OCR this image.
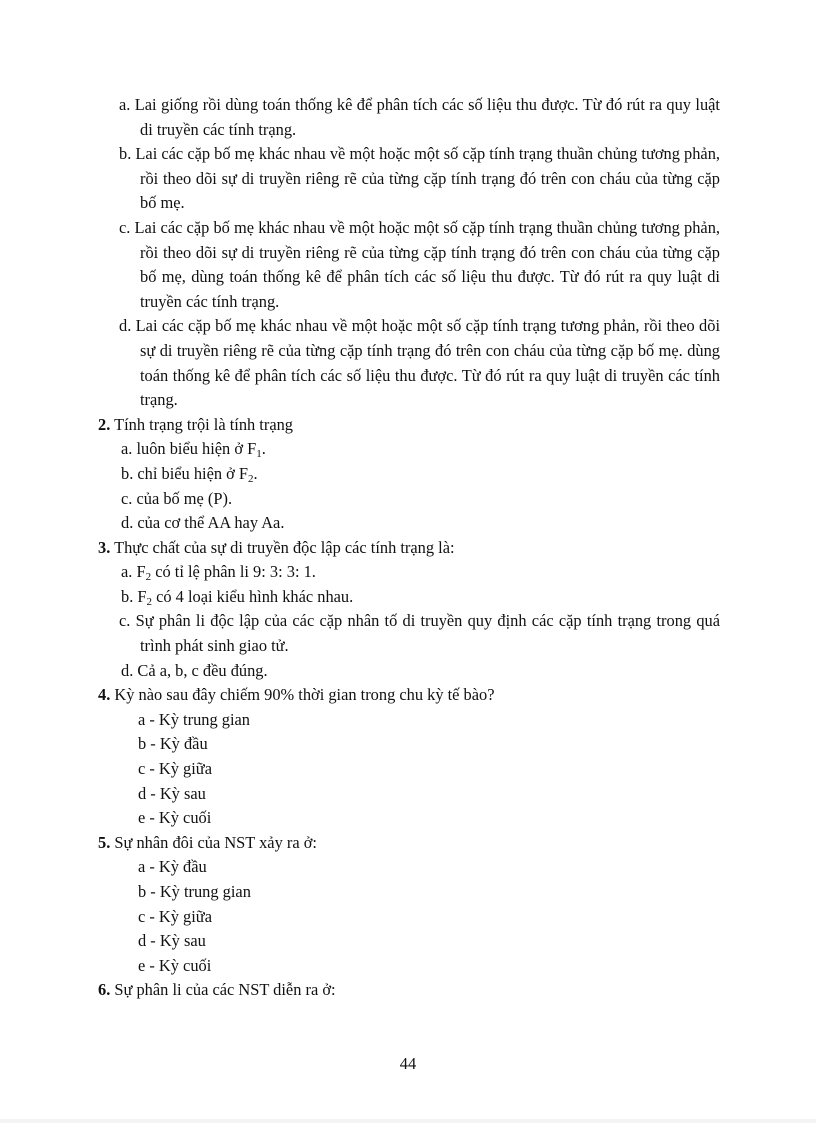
a. Lai giống rồi dùng toán thống kê để phân tích các số liệu thu được. Từ đó rút ra quy luật di truyền các tính trạng.
b. Lai các cặp bố mẹ khác nhau về một hoặc một số cặp tính trạng thuần chủng tương phản, rồi theo dõi sự di truyền riêng rẽ của từng cặp tính trạng đó trên con cháu của từng cặp bố mẹ.
c. Lai các cặp bố mẹ khác nhau về một hoặc một số cặp tính trạng thuần chủng tương phản, rồi theo dõi sự di truyền riêng rẽ của từng cặp tính trạng đó trên con cháu của từng cặp bố mẹ, dùng toán thống kê để phân tích các số liệu thu được. Từ đó rút ra quy luật di truyền các tính trạng.
d. Lai các cặp bố mẹ khác nhau về một hoặc một số cặp tính trạng tương phản, rồi theo dõi sự di truyền riêng rẽ của từng cặp tính trạng đó trên con cháu của từng cặp bố mẹ. dùng toán thống kê để phân tích các số liệu thu được. Từ đó rút ra quy luật di truyền các tính trạng.
2. Tính trạng trội là tính trạng
a. luôn biểu hiện ở $F_1$.
b. chỉ biểu hiện ở $F_2$.
c. của bố mẹ (P).
d. của cơ thể AA hay Aa.
3. Thực chất của sự di truyền độc lập các tính trạng là:
a. $F_2$ có tỉ lệ phân li 9: 3: 3: 1.
b. $F_2$ có 4 loại kiểu hình khác nhau.
c. Sự phân li độc lập của các cặp nhân tố di truyền quy định các cặp tính trạng trong quá trình phát sinh giao tử.
d. Cả a, b, c đều đúng.
4. Kỳ nào sau đây chiếm 90% thời gian trong chu kỳ tế bào?
a - Kỳ trung gian
b - Kỳ đầu
c - Kỳ giữa
d - Kỳ sau
e - Kỳ cuối
5. Sự nhân đôi của NST xảy ra ở:
a - Kỳ đầu
b - Kỳ trung gian
c - Kỳ giữa
d - Kỳ sau
e - Kỳ cuối
6. Sự phân li của các NST diễn ra ở:
44
